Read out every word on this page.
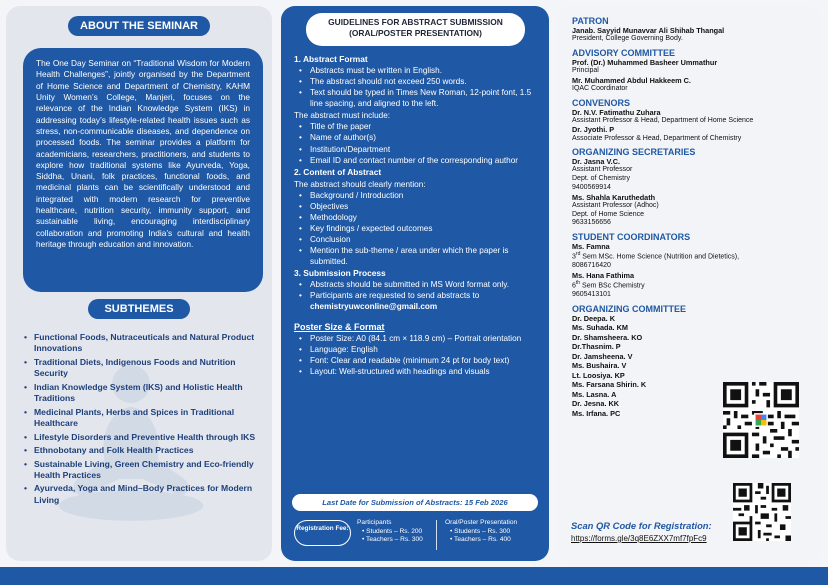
ABOUT THE SEMINAR
The One Day Seminar on “Traditional Wisdom for Modern Health Challenges”, jointly organised by the Department of Home Science and Department of Chemistry, KAHM Unity Women’s College, Manjeri, focuses on the relevance of the Indian Knowledge System (IKS) in addressing today’s lifestyle-related health issues such as stress, non-communicable diseases, and dependence on processed foods. The seminar provides a platform for academicians, researchers, practitioners, and students to explore how traditional systems like Ayurveda, Yoga, Siddha, Unani, folk practices, functional foods, and medicinal plants can be scientifically understood and integrated with modern research for preventive healthcare, nutrition security, immunity support, and sustainable living, encouraging interdisciplinary collaboration and promoting India’s cultural and health heritage through education and innovation.
SUBTHEMES
• Functional Foods, Nutraceuticals and Natural Product Innovations
• Traditional Diets, Indigenous Foods and Nutrition Security
• Indian Knowledge System (IKS) and Holistic Health Traditions
• Medicinal Plants, Herbs and Spices in Traditional Healthcare
• Lifestyle Disorders and Preventive Health through IKS
• Ethnobotany and Folk Health Practices
• Sustainable Living, Green Chemistry and Eco-friendly Health Practices
• Ayurveda, Yoga and Mind–Body Practices for Modern Living
GUIDELINES FOR ABSTRACT SUBMISSION
(ORAL/POSTER PRESENTATION)
1. Abstract Format
• Abstracts must be written in English.
• The abstract should not exceed 250 words.
• Text should be typed in Times New Roman, 12-point font, 1.5 line spacing, and aligned to the left.
The abstract must include:
• Title of the paper
• Name of author(s)
• Institution/Department
• Email ID and contact number of the corresponding author
2. Content of Abstract
The abstract should clearly mention:
• Background / Introduction
• Objectives
• Methodology
• Key findings / expected outcomes
• Conclusion
• Mention the sub-theme / area under which the paper is submitted.
3. Submission Process
• Abstracts should be submitted in MS Word format only.
• Participants are requested to send abstracts to
chemistryuwconline@gmail.com
Poster Size & Format
• Poster Size: A0 (84.1 cm × 118.9 cm) – Portrait orientation
• Language: English
• Font: Clear and readable (minimum 24 pt for body text)
• Layout: Well-structured with headings and visuals
Last Date for Submission of Abstracts: 15 Feb 2026
Registration Fee:
Participants
• Students – Rs. 200
• Teachers – Rs. 300
Oral/Poster Presentation
• Students – Rs. 300
• Teachers – Rs. 400
PATRON
Janab. Sayyid Munavvar Ali Shihab Thangal
President, College Governing Body.
ADVISORY COMMITTEE
Prof. (Dr.) Muhammed Basheer Ummathur
Principal
Mr. Muhammed Abdul Hakkeem C.
IQAC Coordinator
CONVENORS
Dr. N.V. Fatimathu Zuhara
Assistant Professor & Head, Department of Home Science
Dr. Jyothi. P
Associate Professor & Head, Department of Chemistry
ORGANIZING SECRETARIES
Dr. Jasna V.C.
Assistant Professor
Dept. of Chemistry
9400569914
Ms. Shahla Karuthedath
Assistant Professor (Adhoc)
Dept. of Home Science
9633156656
STUDENT COORDINATORS
Ms. Famna
3rd Sem MSc. Home Science (Nutrition and Dietetics),
8086716420
Ms. Hana Fathima
6th Sem BSc Chemistry
9605413101
ORGANIZING COMMITTEE
Dr. Deepa. K
Ms. Suhada. KM
Dr. Shamsheera. KO
Dr.Thasnim. P
Dr. Jamsheena. V
Ms. Bushaira. V
Lt. Loosiya. KP
Ms. Farsana Shirin. K
Ms. Lasna. A
Dr. Jesna. KK
Ms. Irfana. PC
Scan QR Code for Registration:
https://forms.gle/3q8E6ZXX7mf7fpFc9
